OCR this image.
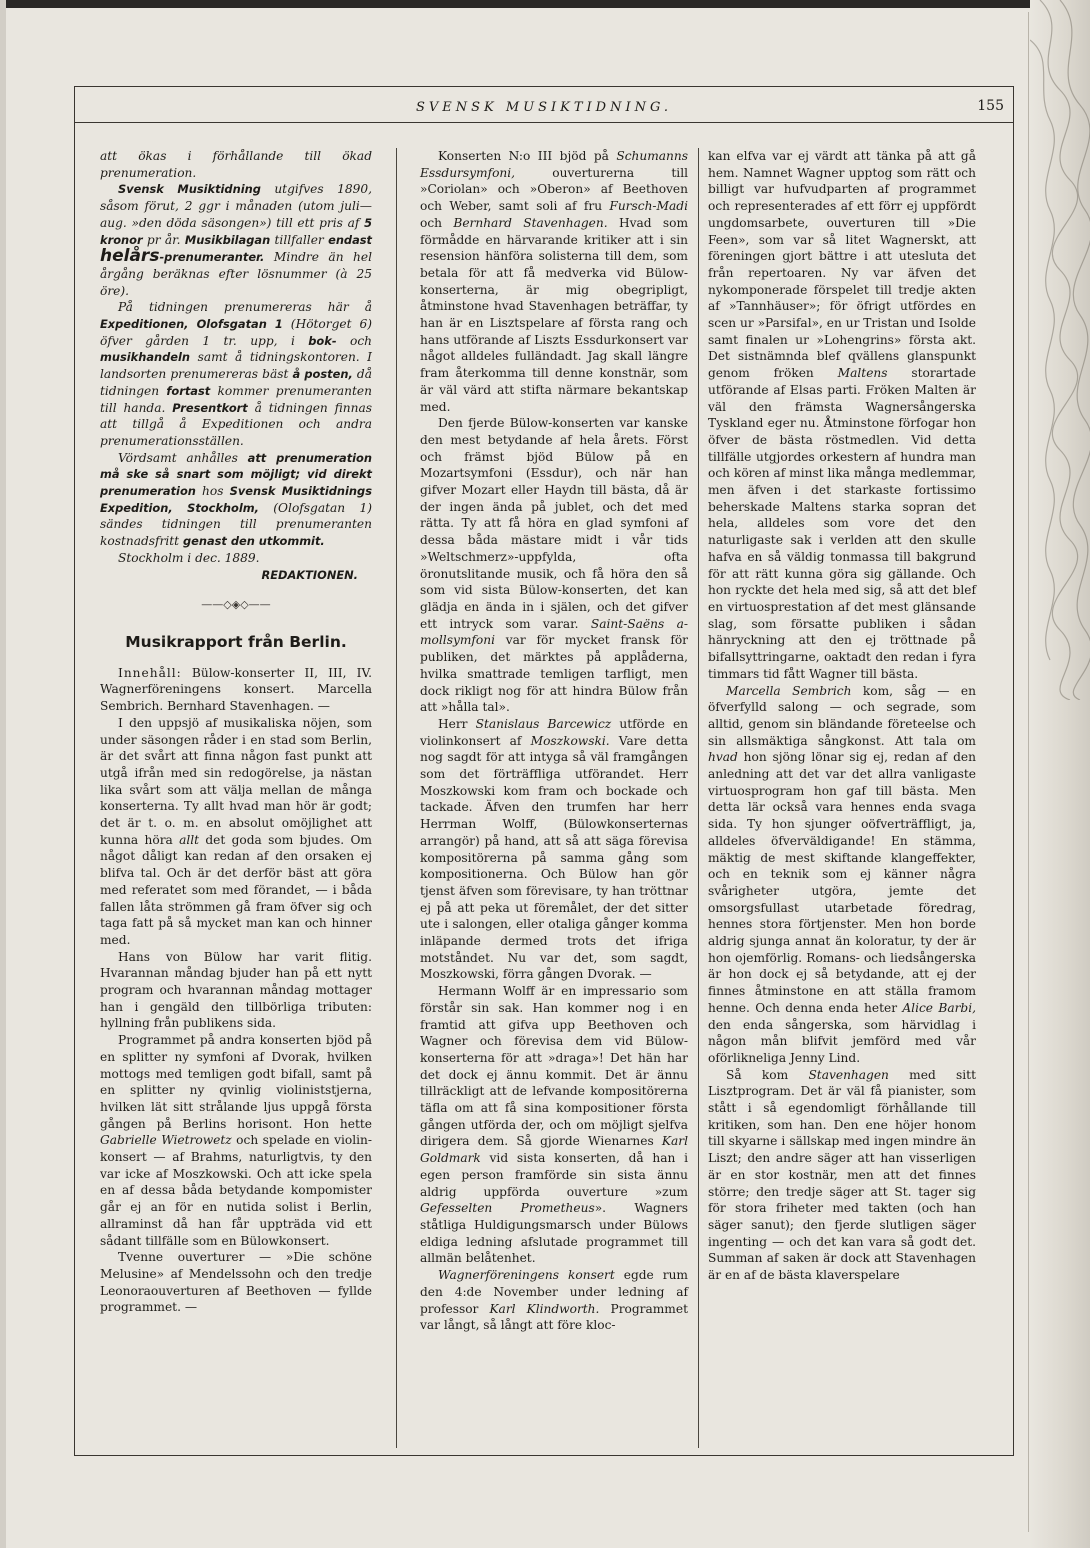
SVENSK MUSIKTIDNING.	155

att ökas i förhållande till ökad prenumeration.

Svensk Musiktidning utgifves 1890, såsom förut, 2 ggr i månaden (utom juli—aug. »den döda säsongen») till ett pris af 5 kronor pr år. Musikbilagan tillfaller endast helårs-prenumeranter. Mindre än hel årgång beräknas efter lösnummer (à 25 öre).

På tidningen prenumereras här å Expeditionen, Olofsgatan 1 (Hötorget 6) öfver gården 1 tr. upp, i bok- och musikhandeln samt å tidningskontoren. I landsorten prenumereras bäst å posten, då tidningen fortast kommer prenumeranten till handa. Presentkort å tidningen finnas att tillgå å Expeditionen och andra prenumerationsställen.

Vördsamt anhålles att prenumeration må ske så snart som möjligt; vid direkt prenumeration hos Svensk Musiktidnings Expedition, Stockholm, (Olofsgatan 1) sändes tidningen till prenumeranten kostnadsfritt genast den utkommit.

Stockholm i dec. 1889.

REDAKTIONEN.

——◇◈◇——
Musikrapport från Berlin.

Innehåll: Bülow-konserter II, III, IV. Wagnerföreningens konsert. Marcella Sembrich. Bernhard Stavenhagen. —

I den uppsjö af musikaliska nöjen, som under säsongen råder i en stad som Berlin, är det svårt att finna någon fast punkt att utgå ifrån med sin redogörelse, ja nästan lika svårt som att välja mellan de många konserterna. Ty allt hvad man hör är godt; det är t. o. m. en absolut omöjlighet att kunna höra allt det goda som bjudes. Om något dåligt kan redan af den orsaken ej blifva tal. Och är det derför bäst att göra med referatet som med förandet, — i båda fallen låta strömmen gå fram öfver sig och taga fatt på så mycket man kan och hinner med.

Hans von Bülow har varit flitig. Hvarannan måndag bjuder han på ett nytt program och hvarannan måndag mottager han i gengäld den tillbörliga tributen: hyllning från publikens sida.

Programmet på andra konserten bjöd på en splitter ny symfoni af Dvorak, hvilken mottogs med temligen godt bifall, samt på en splitter ny qvinlig violiniststjerna, hvilken lät sitt strålande ljus uppgå första gången på Berlins horisont. Hon hette Gabrielle Wietrowetz och spelade en violin-konsert — af Brahms, naturligtvis, ty den var icke af Moszkowski. Och att icke spela en af dessa båda betydande kompomister går ej an för en nutida solist i Berlin, allraminst då han får uppträda vid ett sådant tillfälle som en Bülowkonsert.

Tvenne ouverturer — »Die schöne Melusine» af Mendelssohn och den tredje Leonoraouverturen af Beethoven — fyllde programmet. —

Konserten N:o III bjöd på Schumanns Essdursymfoni, ouverturerna till »Coriolan» och »Oberon» af Beethoven och Weber, samt soli af fru Fursch-Madi och Bernhard Stavenhagen. Hvad som förmådde en härvarande kritiker att i sin resension hänföra solisterna till dem, som betala för att få medverka vid Bülow-konserterna, är mig obegripligt, åtminstone hvad Stavenhagen beträffar, ty han är en Lisztspelare af första rang och hans utförande af Liszts Essdurkonsert var något alldeles fulländadt. Jag skall längre fram återkomma till denne konstnär, som är väl värd att stifta närmare bekantskap med.

Den fjerde Bülow-konserten var kanske den mest betydande af hela årets. Först och främst bjöd Bülow på en Mozartsymfoni (Essdur), och när han gifver Mozart eller Haydn till bästa, då är der ingen ända på jublet, och det med rätta. Ty att få höra en glad symfoni af dessa båda mästare midt i vår tids »Weltschmerz»-uppfylda, ofta öronutslitande musik, och få höra den så som vid sista Bülow-konserten, det kan glädja en ända in i själen, och det gifver ett intryck som varar. Saint-Saëns a-mollsymfoni var för mycket fransk för publiken, det märktes på applåderna, hvilka smattrade temligen tarfligt, men dock rikligt nog för att hindra Bülow från att »hålla tal».

Herr Stanislaus Barcewicz utförde en violinkonsert af Moszkowski. Vare detta nog sagdt för att intyga så väl framgången som det förträffliga utförandet. Herr Moszkowski kom fram och bockade och tackade. Äfven den trumfen har herr Herrman Wolff, (Bülowkonserternas arrangör) på hand, att så att säga förevisa kompositörerna på samma gång som kompositionerna. Och Bülow han gör tjenst äfven som förevisare, ty han tröttnar ej på att peka ut föremålet, der det sitter ute i salongen, eller otaliga gånger komma inläpande dermed trots det ifriga motståndet. Nu var det, som sagdt, Moszkowski, förra gången Dvorak. —

Hermann Wolff är en impressario som förstår sin sak. Han kommer nog i en framtid att gifva upp Beethoven och Wagner och förevisa dem vid Bülow-konserterna för att »draga»! Det hän har det dock ej ännu kommit. Det är ännu tillräckligt att de lefvande kompositörerna täfla om att få sina kompositioner första gången utförda der, och om möjligt sjelfva dirigera dem. Så gjorde Wienarnes Karl Goldmark vid sista konserten, då han i egen person framförde sin sista ännu aldrig uppförda ouverture »zum Gefesselten Prometheus». Wagners ståtliga Huldigungsmarsch under Bülows eldiga ledning afslutade programmet till allmän belåtenhet.

Wagnerföreningens konsert egde rum den 4:de November under ledning af professor Karl Klindworth. Programmet var långt, så långt att före kloc-

kan elfva var ej värdt att tänka på att gå hem. Namnet Wagner upptog som rätt och billigt var hufvudparten af programmet och representerades af ett förr ej uppfördt ungdomsarbete, ouverturen till »Die Feen», som var så litet Wagnerskt, att föreningen gjort bättre i att utesluta det från repertoaren. Ny var äfven det nykomponerade förspelet till tredje akten af »Tannhäuser»; för öfrigt utfördes en scen ur »Parsifal», en ur Tristan und Isolde samt finalen ur »Lohengrins» första akt. Det sistnämnda blef qvällens glanspunkt genom fröken Maltens storartade utförande af Elsas parti. Fröken Malten är väl den främsta Wagnersångerska Tyskland eger nu. Åtminstone förfogar hon öfver de bästa röstmedlen. Vid detta tillfälle utgjordes orkestern af hundra man och kören af minst lika många medlemmar, men äfven i det starkaste fortissimo beherskade Maltens starka sopran det hela, alldeles som vore det den naturligaste sak i verlden att den skulle hafva en så väldig tonmassa till bakgrund för att rätt kunna göra sig gällande. Och hon ryckte det hela med sig, så att det blef en virtuosprestation af det mest glänsande slag, som försatte publiken i sådan hänryckning att den ej tröttnade på bifallsyttringarne, oaktadt den redan i fyra timmars tid fått Wagner till bästa.

Marcella Sembrich kom, såg — en öfverfylld salong — och segrade, som alltid, genom sin bländande företeelse och sin allsmäktiga sångkonst. Att tala om hvad hon sjöng lönar sig ej, redan af den anledning att det var det allra vanligaste virtuosprogram hon gaf till bästa. Men detta lär också vara hennes enda svaga sida. Ty hon sjunger oöfverträffligt, ja, alldeles öfverväldigande! En stämma, mäktig de mest skiftande klangeffekter, och en teknik som ej känner några svårigheter utgöra, jemte det omsorgsfullast utarbetade föredrag, hennes stora förtjenster. Men hon borde aldrig sjunga annat än koloratur, ty der är hon ojemförlig. Romans- och liedsångerska är hon dock ej så betydande, att ej der finnes åtminstone en att ställa framom henne. Och denna enda heter Alice Barbi, den enda sångerska, som härvidlag i någon mån blifvit jemförd med vår oförlikneliga Jenny Lind.

Så kom Stavenhagen med sitt Lisztprogram. Det är väl få pianister, som stått i så egendomligt förhållande till kritiken, som han. Den ene höjer honom till skyarne i sällskap med ingen mindre än Liszt; den andre säger att han visserligen är en stor kostnär, men att det finnes större; den tredje säger att St. tager sig för stora friheter med takten (och han säger sanut); den fjerde slutligen säger ingenting — och det kan vara så godt det. Summan af saken är dock att Stavenhagen är en af de bästa klaverspelare
